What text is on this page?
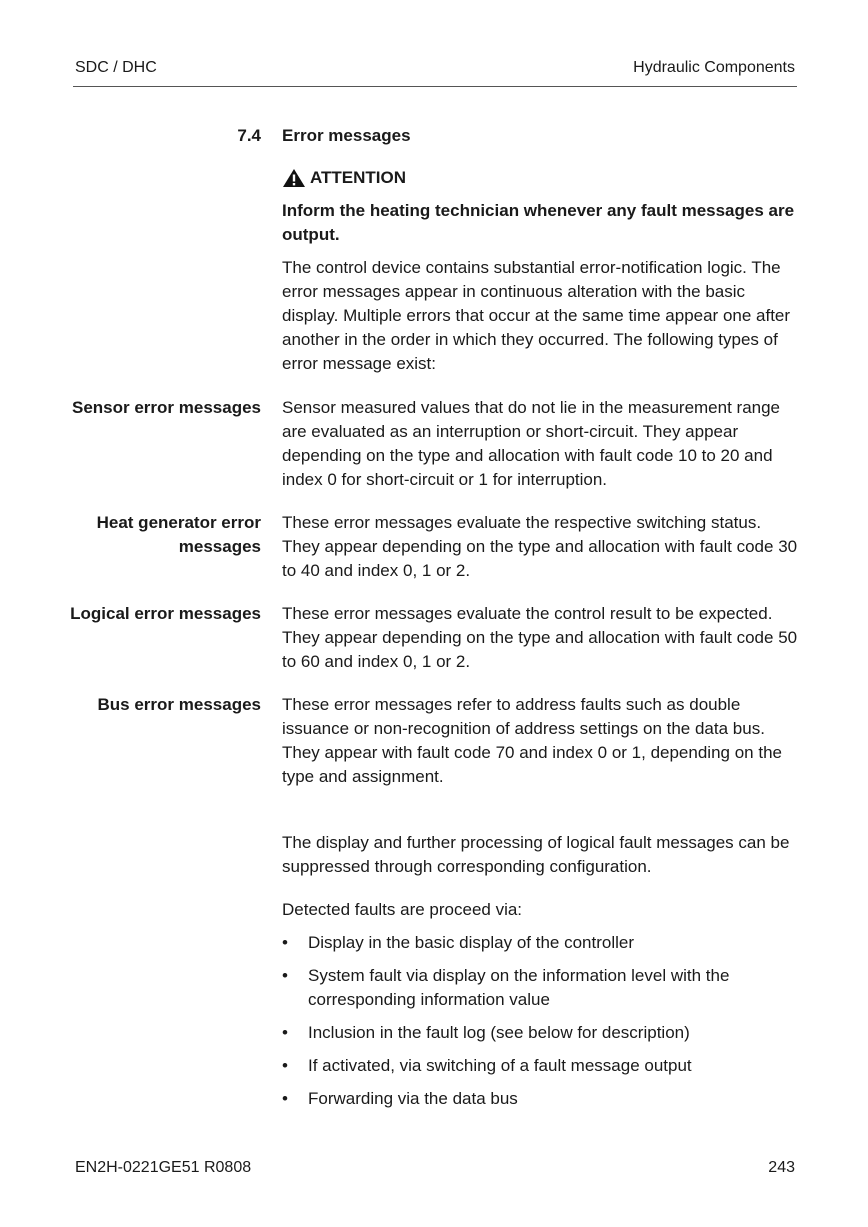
SDC / DHC	Hydraulic Components
7.4 Error messages
ATTENTION
Inform the heating technician whenever any fault messages are output.
The control device contains substantial error-notification logic. The error messages appear in continuous alteration with the basic display. Multiple errors that occur at the same time appear one after another in the order in which they occurred. The following types of error message exist:
Sensor error messages Sensor measured values that do not lie in the measurement range are evaluated as an interruption or short-circuit. They appear depending on the type and allocation with fault code 10 to 20 and index 0 for short-circuit or 1 for interruption.
Heat generator error messages
These error messages evaluate the respective switching status. They appear depending on the type and allocation with fault code 30 to 40 and index 0, 1 or 2.
Logical error messages These error messages evaluate the control result to be expected. They appear depending on the type and allocation with fault code 50 to 60 and index 0, 1 or 2.
Bus error messages These error messages refer to address faults such as double issuance or non-recognition of address settings on the data bus. They appear with fault code 70 and index 0 or 1, depending on the type and assignment.
The display and further processing of logical fault messages can be suppressed through corresponding configuration.
Detected faults are proceed via:
• Display in the basic display of the controller
• System fault via display on the information level with the corresponding information value
• Inclusion in the fault log (see below for description)
• If activated, via switching of a fault message output
• Forwarding via the data bus
EN2H-0221GE51 R0808	243
